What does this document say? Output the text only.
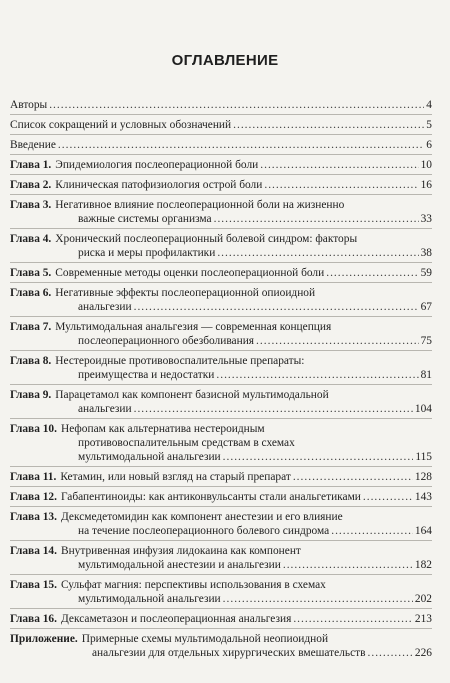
ОГЛАВЛЕНИЕ
Авторы .....	4
Список сокращений и условных обозначений .....	5
Введение .....	6
Глава 1. Эпидемиология послеоперационной боли .....	10
Глава 2. Клиническая патофизиология острой боли .....	16
Глава 3. Негативное влияние послеоперационной боли на жизненно
важные системы организма .....	33
Глава 4. Хронический послеоперационный болевой синдром: факторы
риска и меры профилактики .....	38
Глава 5. Современные методы оценки послеоперационной боли .....	59
Глава 6. Негативные эффекты послеоперационной опиоидной
анальгезии .....	67
Глава 7. Мультимодальная анальгезия — современная концепция
послеоперационного обезболивания .....	75
Глава 8. Нестероидные противовоспалительные препараты:
преимущества и недостатки .....	81
Глава 9. Парацетамол как компонент базисной мультимодальной
анальгезии .....	104
Глава 10. Нефопам как альтернатива нестероидным
противовоспалительным средствам в схемах
мультимодальной анальгезии .....	115
Глава 11. Кетамин, или новый взгляд на старый препарат .....	128
Глава 12. Габапентиноиды: как антиконвульсанты стали анальгетиками .....	143
Глава 13. Дексмедетомидин как компонент анестезии и его влияние
на течение послеоперационного болевого синдрома .....	164
Глава 14. Внутривенная инфузия лидокаина как компонент
мультимодальной анестезии и анальгезии .....	182
Глава 15. Сульфат магния: перспективы использования в схемах
мультимодальной анальгезии .....	202
Глава 16. Дексаметазон и послеоперационная анальгезия .....	213
Приложение. Примерные схемы мультимодальной неопиоидной
анальгезии для отдельных хирургических вмешательств .....	226
